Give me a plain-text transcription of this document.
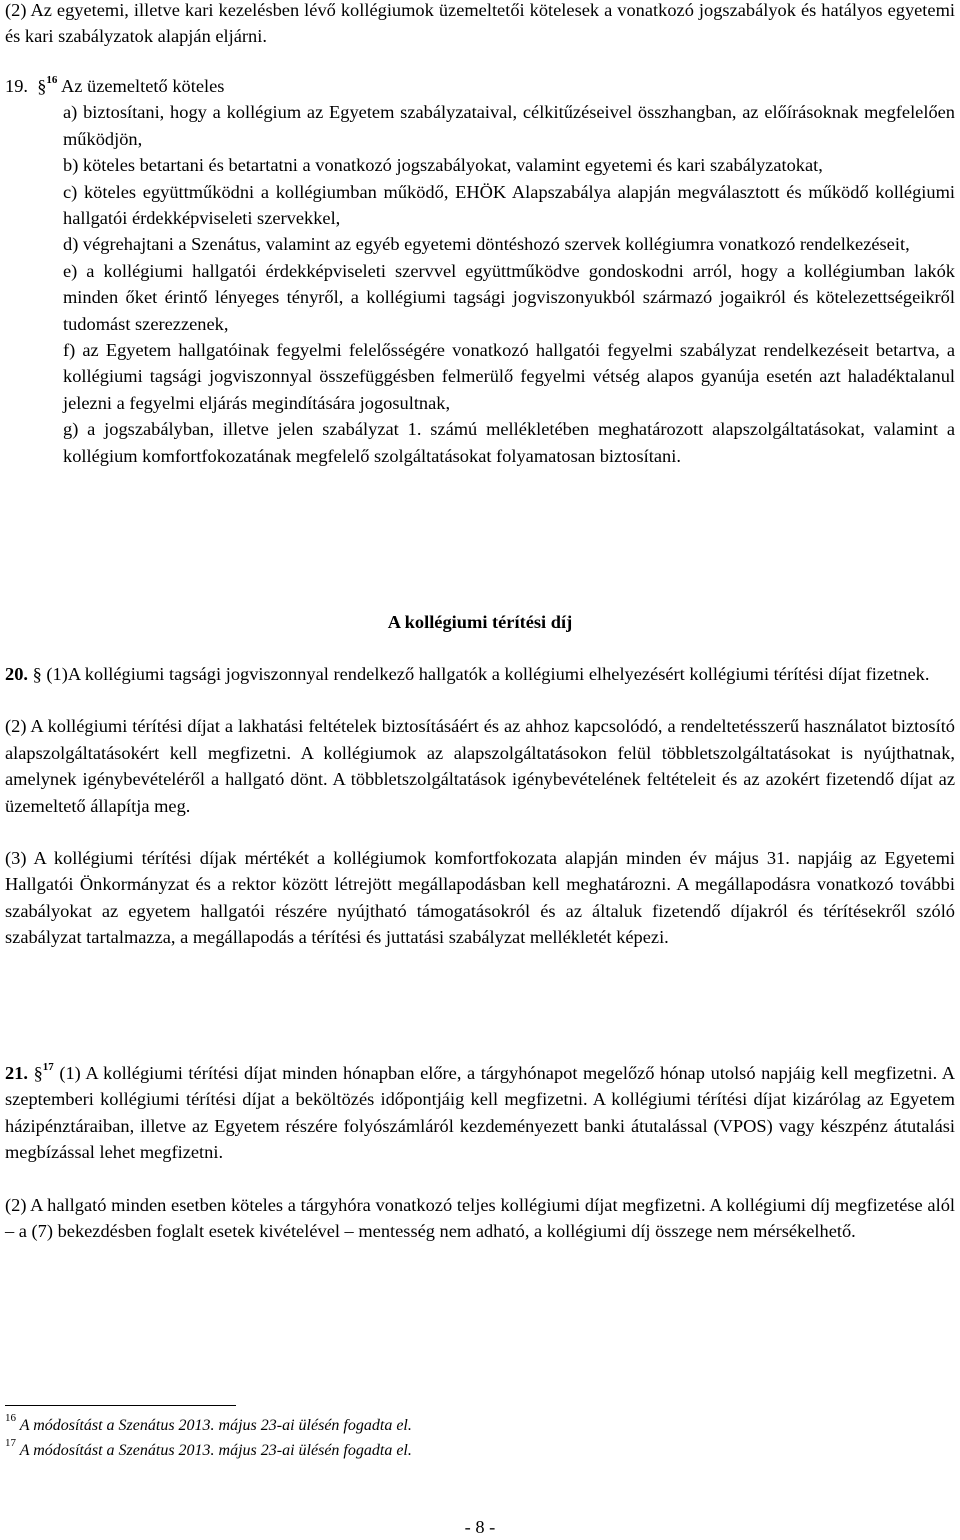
(2) Az egyetemi, illetve kari kezelésben lévő kollégiumok üzemeltetői kötelesek a vonatkozó jogszabályok és hatályos egyetemi és kari szabályzatok alapján eljárni.

19. §$^{16}$ Az üzemeltető köteles

a) biztosítani, hogy a kollégium az Egyetem szabályzataival, célkitűzéseivel összhangban, az előírásoknak megfelelően működjön,

b) köteles betartani és betartatni a vonatkozó jogszabályokat, valamint egyetemi és kari szabályzatokat,

c) köteles együttműködni a kollégiumban működő, EHÖK Alapszabálya alapján megválasztott és működő kollégiumi hallgatói érdekképviseleti szervekkel,

d) végrehajtani a Szenátus, valamint az egyéb egyetemi döntéshozó szervek kollégiumra vonatkozó rendelkezéseit,

e) a kollégiumi hallgatói érdekképviseleti szervvel együttműködve gondoskodni arról, hogy a kollégiumban lakók minden őket érintő lényeges tényről, a kollégiumi tagsági jogviszonyukból származó jogaikról és kötelezettségeikről tudomást szerezzenek,

f) az Egyetem hallgatóinak fegyelmi felelősségére vonatkozó hallgatói fegyelmi szabályzat rendelkezéseit betartva, a kollégiumi tagsági jogviszonnyal összefüggésben felmerülő fegyelmi vétség alapos gyanúja esetén azt haladéktalanul jelezni a fegyelmi eljárás megindítására jogosultnak,

g) a jogszabályban, illetve jelen szabályzat 1. számú mellékletében meghatározott alapszolgáltatásokat, valamint a kollégium komfortfokozatának megfelelő szolgáltatásokat folyamatosan biztosítani.

A kollégiumi térítési díj

20. § (1)A kollégiumi tagsági jogviszonnyal rendelkező hallgatók a kollégiumi elhelyezésért kollégiumi térítési díjat fizetnek.

(2) A kollégiumi térítési díjat a lakhatási feltételek biztosításáért és az ahhoz kapcsolódó, a rendeltetésszerű használatot biztosító alapszolgáltatásokért kell megfizetni. A kollégiumok az alapszolgáltatásokon felül többletszolgáltatásokat is nyújthatnak, amelynek igénybevételéről a hallgató dönt. A többletszolgáltatások igénybevételének feltételeit és az azokért fizetendő díjat az üzemeltető állapítja meg.

(3) A kollégiumi térítési díjak mértékét a kollégiumok komfortfokozata alapján minden év május 31. napjáig az Egyetemi Hallgatói Önkormányzat és a rektor között létrejött megállapodásban kell meghatározni. A megállapodásra vonatkozó további szabályokat az egyetem hallgatói részére nyújtható támogatásokról és az általuk fizetendő díjakról és térítésekről szóló szabályzat tartalmazza, a megállapodás a térítési és juttatási szabályzat mellékletét képezi.

21. §$^{17}$ (1) A kollégiumi térítési díjat minden hónapban előre, a tárgyhónapot megelőző hónap utolsó napjáig kell megfizetni. A szeptemberi kollégiumi térítési díjat a beköltözés időpontjáig kell megfizetni. A kollégiumi térítési díjat kizárólag az Egyetem házipénztáraiban, illetve az Egyetem részére folyószámláról kezdeményezett banki átutalással (VPOS) vagy készpénz átutalási megbízással lehet megfizetni.

(2) A hallgató minden esetben köteles a tárgyhóra vonatkozó teljes kollégiumi díjat megfizetni. A kollégiumi díj megfizetése alól – a (7) bekezdésben foglalt esetek kivételével – mentesség nem adható, a kollégiumi díj összege nem mérsékelhető.

$^{16}$ A módosítást a Szenátus 2013. május 23-ai ülésén fogadta el.
$^{17}$ A módosítást a Szenátus 2013. május 23-ai ülésén fogadta el.
- 8 -
